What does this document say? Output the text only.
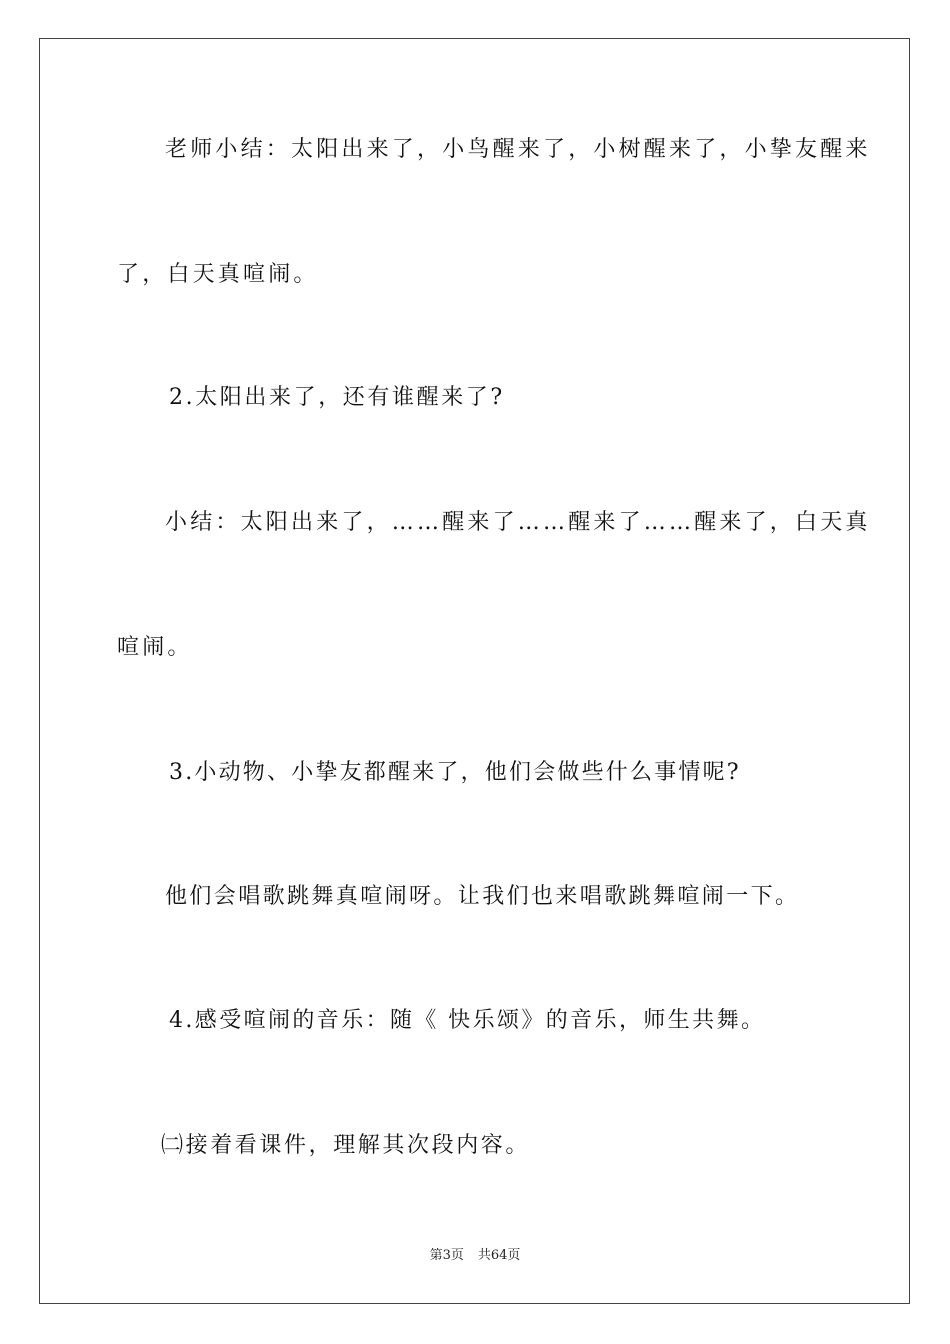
老师小结：太阳出来了，小鸟醒来了，小树醒来了，小挚友醒来
了，白天真喧闹。
2.太阳出来了，还有谁醒来了?
小结：太阳出来了，……醒来了……醒来了……醒来了，白天真
喧闹。
3.小动物、小挚友都醒来了，他们会做些什么事情呢?
他们会唱歌跳舞真喧闹呀。让我们也来唱歌跳舞喧闹一下。
4.感受喧闹的音乐：随《 快乐颂》的音乐，师生共舞。
㈡接着看课件，理解其次段内容。
第3页 共64页
